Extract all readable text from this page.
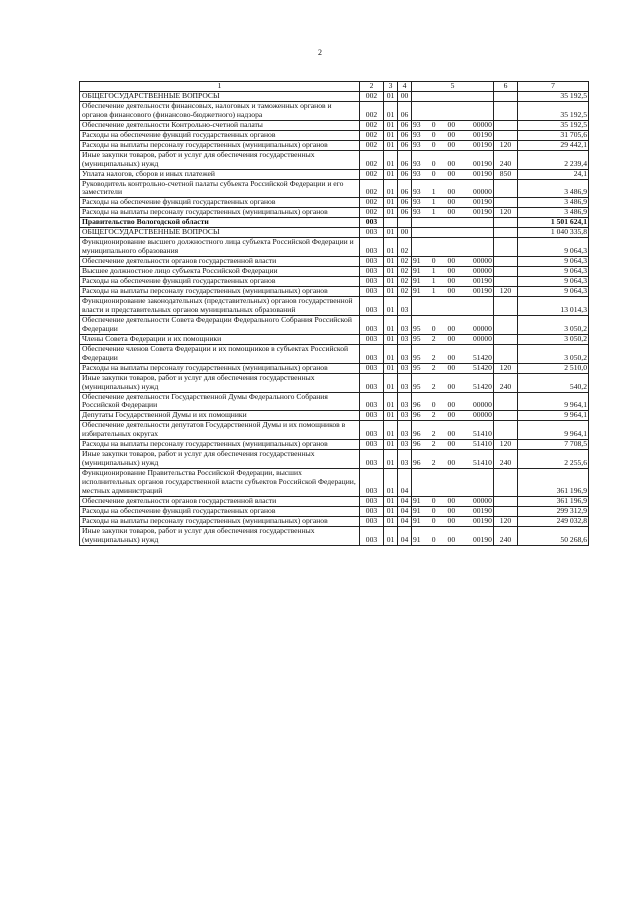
2
1	2	3	4	5	6	7
ОБЩЕГОСУДАРСТВЕННЫЕ ВОПРОСЫ	002	01	00			35 192,5
Обеспечение деятельности финансовых, налоговых и таможенных органов и органов финансового (финансово-бюджетного) надзора	002	01	06			35 192,5
Обеспечение деятельности Контрольно-счетной палаты	002	01	06	93 0 00 00000		35 192,5
Расходы на обеспечение функций государственных органов	002	01	06	93 0 00 00190		31 705,6
Расходы на выплаты персоналу государственных (муниципальных) органов	002	01	06	93 0 00 00190	120	29 442,1
Иные закупки товаров, работ и услуг для обеспечения государственных (муниципальных) нужд	002	01	06	93 0 00 00190	240	2 239,4
Уплата налогов, сборов и иных платежей	002	01	06	93 0 00 00190	850	24,1
Руководитель контрольно-счетной палаты субъекта Российской Федерации и его заместители	002	01	06	93 1 00 00000		3 486,9
Расходы на обеспечение функций государственных органов	002	01	06	93 1 00 00190		3 486,9
Расходы на выплаты персоналу государственных (муниципальных) органов	002	01	06	93 1 00 00190	120	3 486,9
Правительство Вологодской области	003					1 501 624,1
ОБЩЕГОСУДАРСТВЕННЫЕ ВОПРОСЫ	003	01	00			1 040 335,8
Функционирование высшего должностного лица субъекта Российской Федерации и муниципального образования	003	01	02			9 064,3
Обеспечение деятельности органов государственной власти	003	01	02	91 0 00 00000		9 064,3
Высшее должностное лицо субъекта Российской Федерации	003	01	02	91 1 00 00000		9 064,3
Расходы на обеспечение функций государственных органов	003	01	02	91 1 00 00190		9 064,3
Расходы на выплаты персоналу государственных (муниципальных) органов	003	01	02	91 1 00 00190	120	9 064,3
Функционирование законодательных (представительных) органов государственной власти и представительных органов муниципальных образований	003	01	03			13 014,3
Обеспечение деятельности Совета Федерации Федерального Собрания Российской Федерации	003	01	03	95 0 00 00000		3 050,2
Члены Совета Федерации и их помощники	003	01	03	95 2 00 00000		3 050,2
Обеспечение членов Совета Федерации и их помощников в субъектах Российской Федерации	003	01	03	95 2 00 51420		3 050,2
Расходы на выплаты персоналу государственных (муниципальных) органов	003	01	03	95 2 00 51420	120	2 510,0
Иные закупки товаров, работ и услуг для обеспечения государственных (муниципальных) нужд	003	01	03	95 2 00 51420	240	540,2
Обеспечение деятельности Государственной Думы Федерального Собрания Российской Федерации	003	01	03	96 0 00 00000		9 964,1
Депутаты Государственной Думы и их помощники	003	01	03	96 2 00 00000		9 964,1
Обеспечение деятельности депутатов Государственной Думы и их помощников в избирательных округах	003	01	03	96 2 00 51410		9 964,1
Расходы на выплаты персоналу государственных (муниципальных) органов	003	01	03	96 2 00 51410	120	7 708,5
Иные закупки товаров, работ и услуг для обеспечения государственных (муниципальных) нужд	003	01	03	96 2 00 51410	240	2 255,6
Функционирование Правительства Российской Федерации, высших исполнительных органов государственной власти субъектов Российской Федерации, местных администраций	003	01	04			361 196,9
Обеспечение деятельности органов государственной власти	003	01	04	91 0 00 00000		361 196,9
Расходы на обеспечение функций государственных органов	003	01	04	91 0 00 00190		299 312,9
Расходы на выплаты персоналу государственных (муниципальных) органов	003	01	04	91 0 00 00190	120	249 032,8
Иные закупки товаров, работ и услуг для обеспечения государственных (муниципальных) нужд	003	01	04	91 0 00 00190	240	50 268,6
